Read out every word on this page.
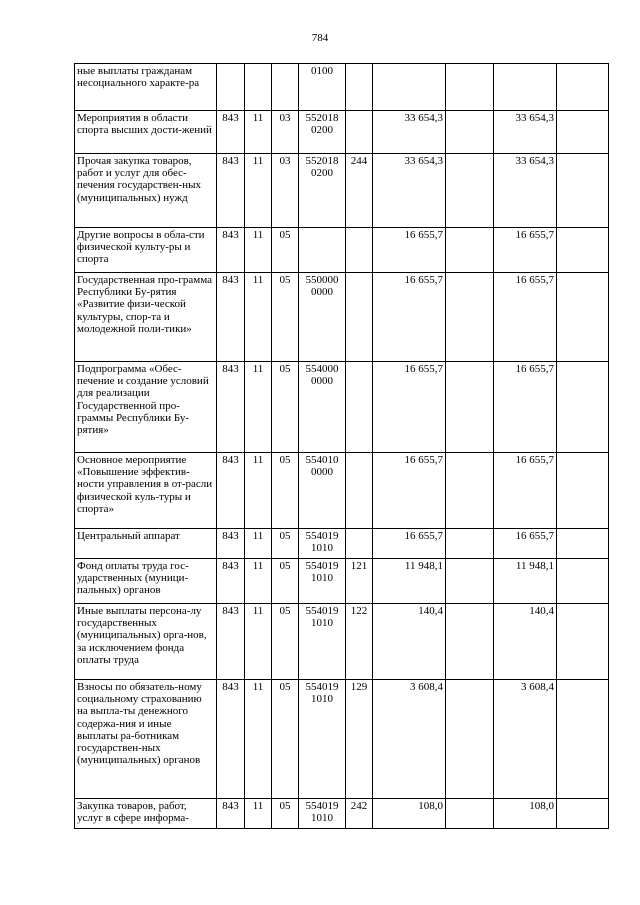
784
ные выплаты гражданам несоциального характе-ра				0100					
Мероприятия в области спорта высших дости-жений	843	11	03	552018 0200		33 654,3		33 654,3	
Прочая закупка товаров, работ и услуг для обес-печения государствен-ных (муниципальных) нужд	843	11	03	552018 0200	244	33 654,3		33 654,3	
Другие вопросы в обла-сти физической культу-ры и спорта	843	11	05			16 655,7		16 655,7	
Государственная про-грамма Республики Бу-рятия «Развитие физи-ческой культуры, спор-та и молодежной поли-тики»	843	11	05	550000 0000		16 655,7		16 655,7	
Подпрограмма «Обес-печение и создание условий для реализации Государственной про-граммы Республики Бу-рятия»	843	11	05	554000 0000		16 655,7		16 655,7	
Основное мероприятие «Повышение эффектив-ности управления в от-расли физической куль-туры и спорта»	843	11	05	554010 0000		16 655,7		16 655,7	
Центральный аппарат	843	11	05	554019 1010		16 655,7		16 655,7	
Фонд оплаты труда гос-ударственных (муници-пальных) органов	843	11	05	554019 1010	121	11 948,1		11 948,1	
Иные выплаты персона-лу государственных (муниципальных) орга-нов, за исключением фонда оплаты труда	843	11	05	554019 1010	122	140,4		140,4	
Взносы по обязатель-ному социальному страхованию на выпла-ты денежного содержа-ния и иные выплаты ра-ботникам государствен-ных (муниципальных) органов	843	11	05	554019 1010	129	3 608,4		3 608,4	
Закупка товаров, работ, услуг в сфере информа-	843	11	05	554019 1010	242	108,0		108,0	
